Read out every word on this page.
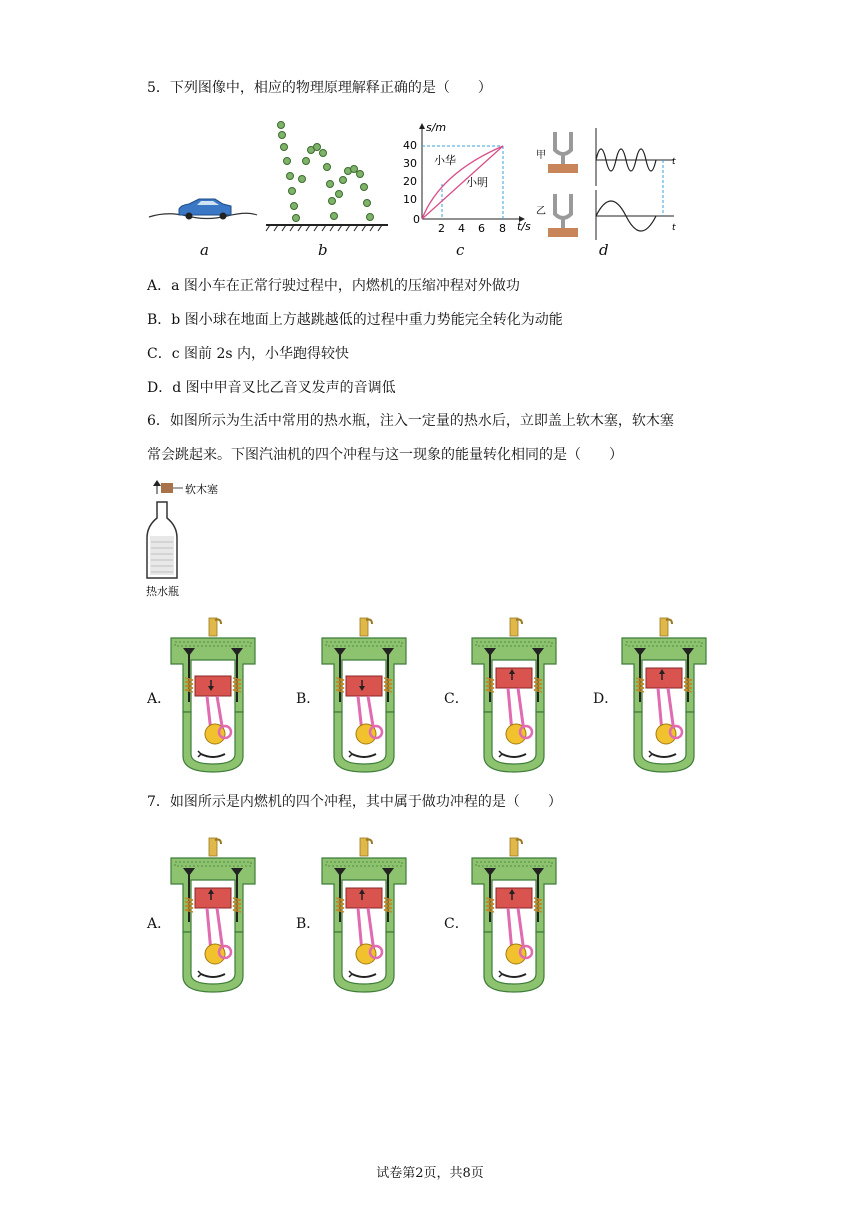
5．下列图像中，相应的物理原理解释正确的是（　　）
a	b
s/m
t/s
40
30
20
10
0
2 4 6 8
小华
小明
c
甲
乙
t
t
d
A．a 图小车在正常行驶过程中，内燃机的压缩冲程对外做功
B．b 图小球在地面上方越跳越低的过程中重力势能完全转化为动能
C．c 图前 2s 内，小华跑得较快
D．d 图中甲音叉比乙音叉发声的音调低
6．如图所示为生活中常用的热水瓶，注入一定量的热水后，立即盖上软木塞，软木塞
常会跳起来。下图汽油机的四个冲程与这一现象的能量转化相同的是（　　）
软木塞
热水瓶
A．	B．	C．	D．
7．如图所示是内燃机的四个冲程，其中属于做功冲程的是（　　）
A．	B．	C．
试卷第2页，共8页
